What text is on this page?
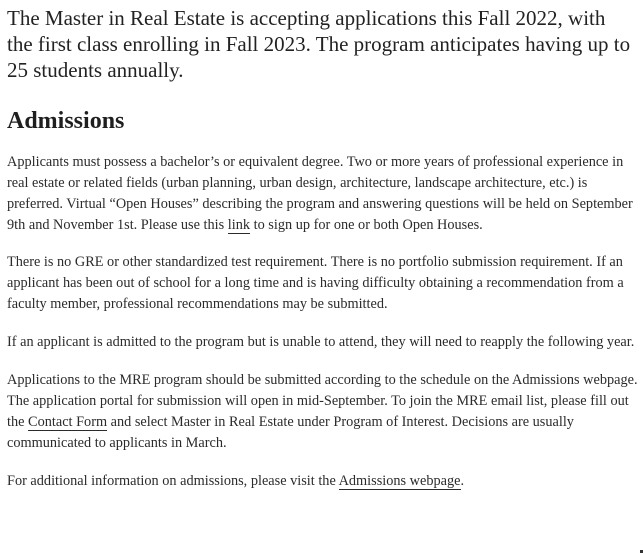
The Master in Real Estate is accepting applications this Fall 2022, with the first class enrolling in Fall 2023. The program anticipates having up to 25 students annually.

Admissions

Applicants must possess a bachelor’s or equivalent degree. Two or more years of professional experience in real estate or related fields (urban planning, urban design, architecture, landscape architecture, etc.) is preferred. Virtual “Open Houses” describing the program and answering questions will be held on September 9th and November 1st. Please use this link to sign up for one or both Open Houses.

There is no GRE or other standardized test requirement. There is no portfolio submission requirement. If an applicant has been out of school for a long time and is having difficulty obtaining a recommendation from a faculty member, professional recommendations may be submitted.

If an applicant is admitted to the program but is unable to attend, they will need to reapply the following year.

Applications to the MRE program should be submitted according to the schedule on the Admissions webpage. The application portal for submission will open in mid-September. To join the MRE email list, please fill out the Contact Form and select Master in Real Estate under Program of Interest. Decisions are usually communicated to applicants in March.

For additional information on admissions, please visit the Admissions webpage.
